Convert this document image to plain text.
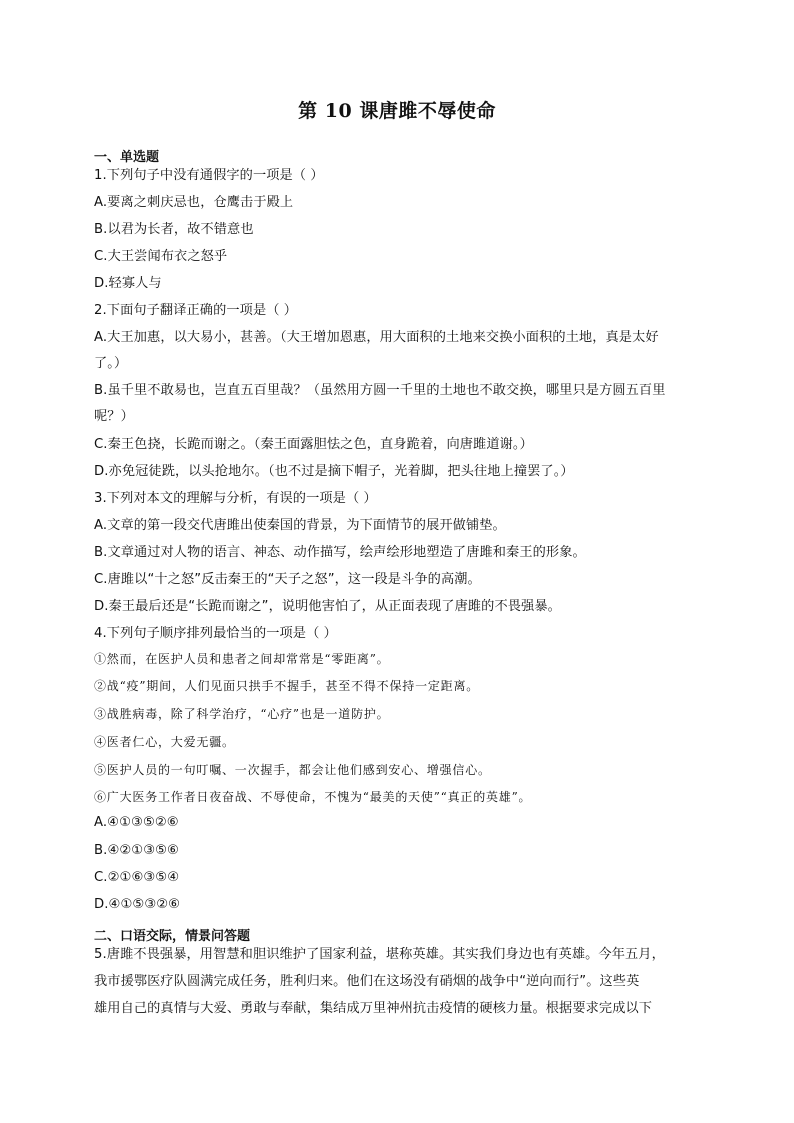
第 10 课唐雎不辱使命
一、单选题
1.下列句子中没有通假字的一项是（ ）
A.要离之刺庆忌也，仓鹰击于殿上
B.以君为长者，故不错意也
C.大王尝闻布衣之怒乎
D.轻寡人与
2.下面句子翻译正确的一项是（ ）
A.大王加惠，以大易小，甚善。（大王增加恩惠，用大面积的土地来交换小面积的土地，真是太好
了。）
B.虽千里不敢易也，岂直五百里哉？（虽然用方圆一千里的土地也不敢交换，哪里只是方圆五百里
呢？）
C.秦王色挠，长跪而谢之。（秦王面露胆怯之色，直身跪着，向唐雎道谢。）
D.亦免冠徒跣，以头抢地尔。（也不过是摘下帽子，光着脚，把头往地上撞罢了。）
3.下列对本文的理解与分析，有误的一项是（ ）
A.文章的第一段交代唐雎出使秦国的背景，为下面情节的展开做铺垫。
B.文章通过对人物的语言、神态、动作描写，绘声绘形地塑造了唐雎和秦王的形象。
C.唐雎以“十之怒”反击秦王的“天子之怒”，这一段是斗争的高潮。
D.秦王最后还是“长跪而谢之”，说明他害怕了，从正面表现了唐雎的不畏强暴。
4.下列句子顺序排列最恰当的一项是（ ）
①然而，在医护人员和患者之间却常常是“零距离”。
②战“疫”期间，人们见面只拱手不握手，甚至不得不保持一定距离。
③战胜病毒，除了科学治疗，“心疗”也是一道防护。
④医者仁心，大爱无疆。
⑤医护人员的一句叮嘱、一次握手，都会让他们感到安心、增强信心。
⑥广大医务工作者日夜奋战、不辱使命，不愧为“最美的天使”“真正的英雄”。
A.④①③⑤②⑥
B.④②①③⑤⑥
C.②①⑥③⑤④
D.④①⑤③②⑥
二、口语交际，情景问答题
5.唐雎不畏强暴，用智慧和胆识维护了国家利益，堪称英雄。其实我们身边也有英雄。今年五月，
我市援鄂医疗队圆满完成任务，胜利归来。他们在这场没有硝烟的战争中“逆向而行”。这些英
雄用自己的真情与大爱、勇敢与奉献，集结成万里神州抗击疫情的硬核力量。根据要求完成以下
